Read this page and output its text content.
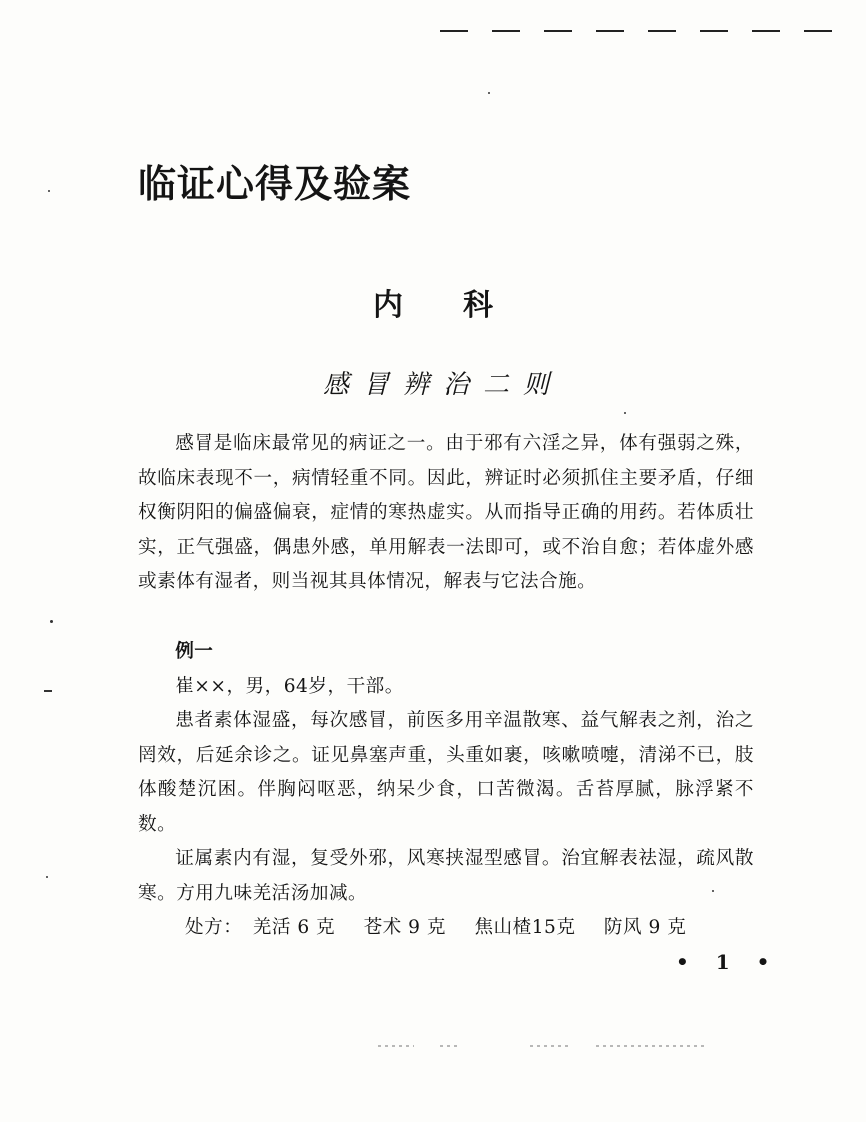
临证心得及验案
内科
感冒辨治二则

感冒是临床最常见的病证之一。由于邪有六淫之异，体有强弱之殊，故临床表现不一，病情轻重不同。因此，辨证时必须抓住主要矛盾，仔细权衡阴阳的偏盛偏衰，症情的寒热虚实。从而指导正确的用药。若体质壮实，正气强盛，偶患外感，单用解表一法即可，或不治自愈；若体虚外感或素体有湿者，则当视其具体情况，解表与它法合施。

例一

崔××，男，64岁，干部。

患者素体湿盛，每次感冒，前医多用辛温散寒、益气解表之剂，治之罔效，后延余诊之。证见鼻塞声重，头重如裹，咳嗽喷嚏，清涕不已，肢体酸楚沉困。伴胸闷呕恶，纳呆少食，口苦微渴。舌苔厚腻，脉浮紧不数。

证属素内有湿，复受外邪，风寒挟湿型感冒。治宜解表祛湿，疏风散寒。方用九味羌活汤加减。

处方： 羌活 6 克 苍术 9 克 焦山楂15克 防风 9 克

• 1 •
